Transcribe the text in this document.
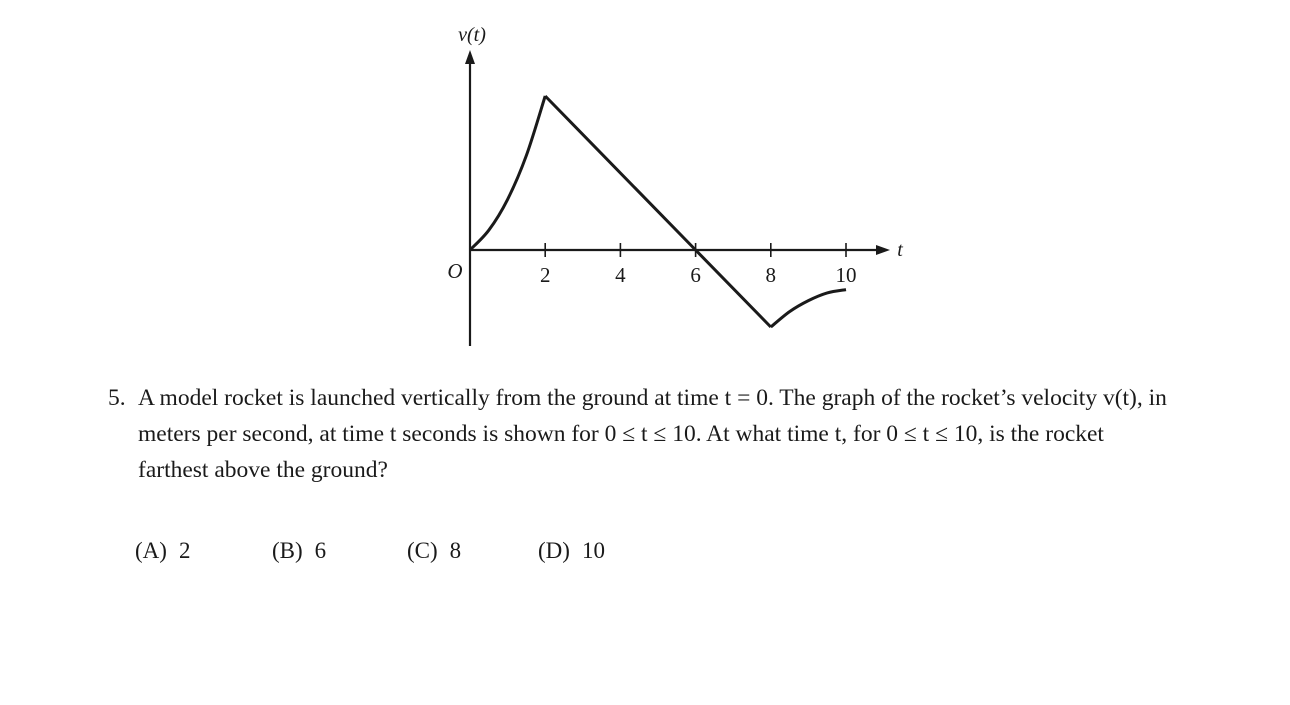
v(t)
t
O	2	4	6	8	10
5. A model rocket is launched vertically from the ground at time t = 0. The graph of the rocket’s velocity v(t), in
meters per second, at time t seconds is shown for 0 ≤ t ≤ 10. At what time t, for 0 ≤ t ≤ 10, is the rocket
farthest above the ground?
(A) 2	(B) 6	(C) 8	(D) 10
